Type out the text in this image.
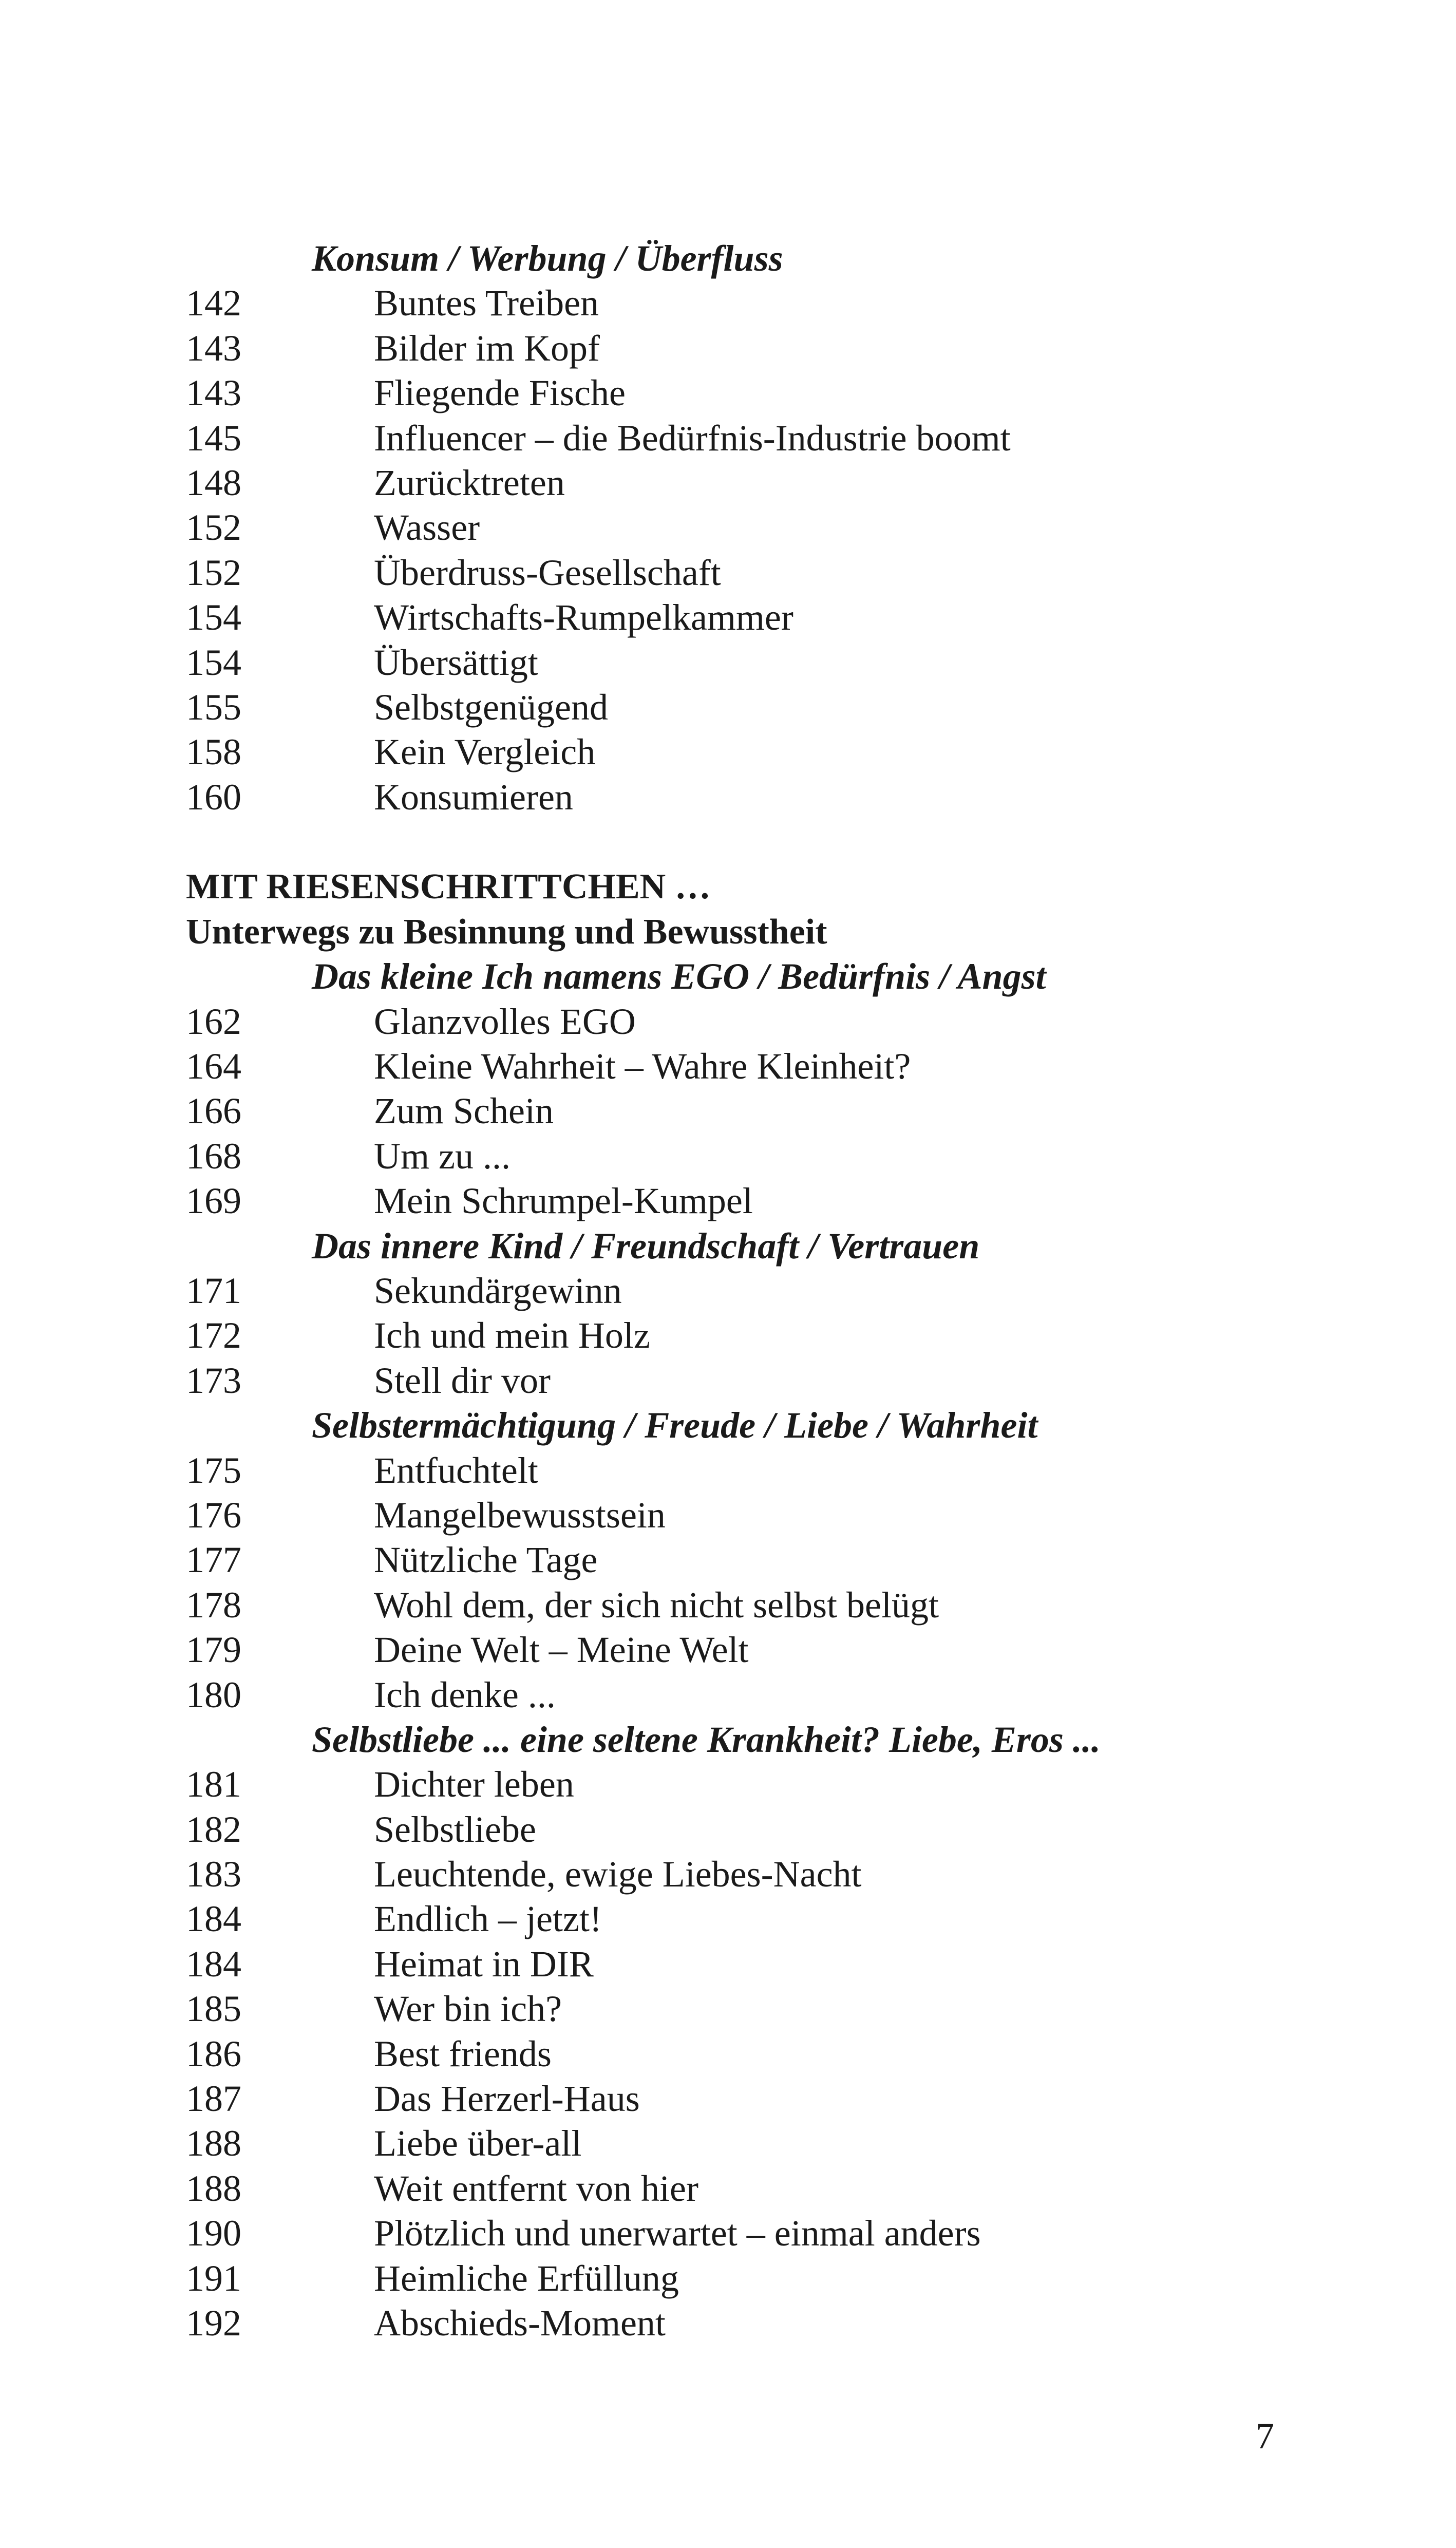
Konsum / Werbung / Überfluss
142	Buntes Treiben
143	Bilder im Kopf
143	Fliegende Fische
145	Influencer – die Bedürfnis-Industrie boomt
148	Zurücktreten
152	Wasser
152	Überdruss-Gesellschaft
154	Wirtschafts-Rumpelkammer
154	Übersättigt
155	Selbstgenügend
158	Kein Vergleich
160	Konsumieren
MIT RIESENSCHRITTCHEN …
Unterwegs zu Besinnung und Bewusstheit
Das kleine Ich namens EGO / Bedürfnis / Angst
162	Glanzvolles EGO
164	Kleine Wahrheit – Wahre Kleinheit?
166	Zum Schein
168	Um zu ...
169	Mein Schrumpel-Kumpel
Das innere Kind / Freundschaft / Vertrauen
171	Sekundärgewinn
172	Ich und mein Holz
173	Stell dir vor
Selbstermächtigung / Freude / Liebe / Wahrheit
175	Entfuchtelt
176	Mangelbewusstsein
177	Nützliche Tage
178	Wohl dem, der sich nicht selbst belügt
179	Deine Welt – Meine Welt
180	Ich denke ...
Selbstliebe ... eine seltene Krankheit? Liebe, Eros ...
181	Dichter leben
182	Selbstliebe
183	Leuchtende, ewige Liebes-Nacht
184	Endlich – jetzt!
184	Heimat in DIR
185	Wer bin ich?
186	Best friends
187	Das Herzerl-Haus
188	Liebe über-all
188	Weit entfernt von hier
190	Plötzlich und unerwartet – einmal anders
191	Heimliche Erfüllung
192	Abschieds-Moment
7
